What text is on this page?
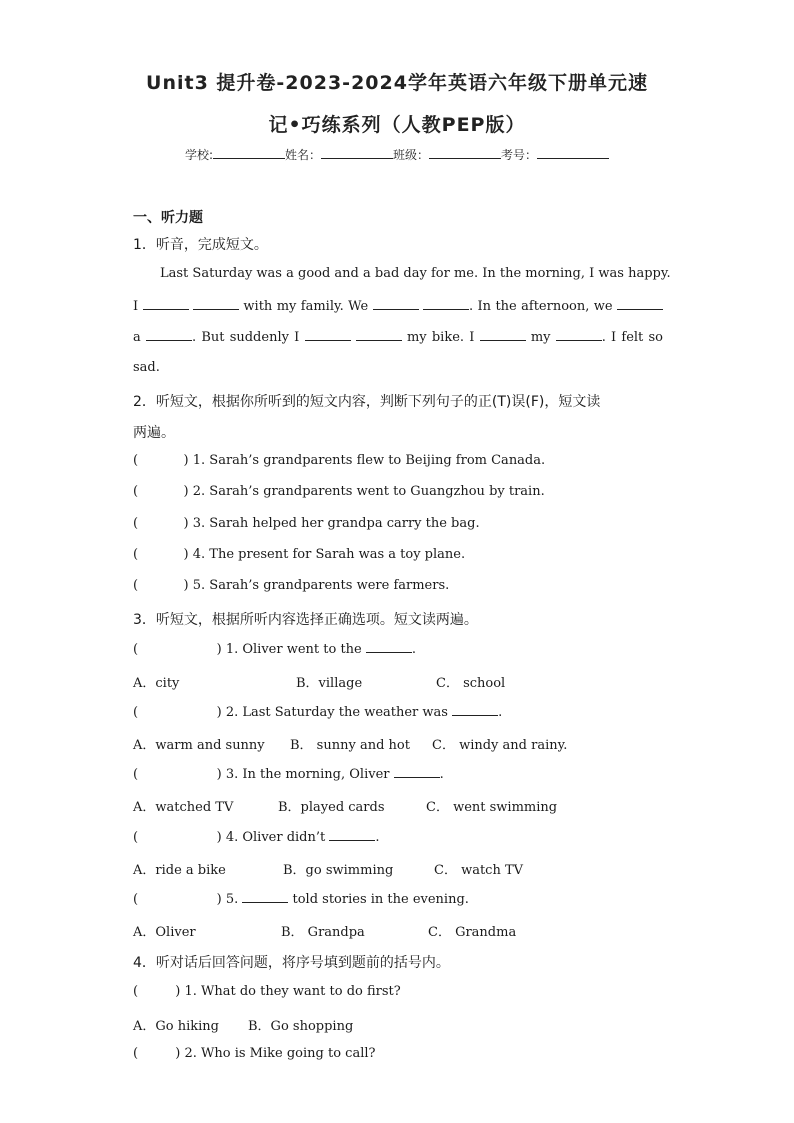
Unit3 提升卷-2023-2024学年英语六年级下册单元速
记•巧练系列（人教PEP版）
学校:	姓名：	班级：	考号：
一、听力题
1．听音，完成短文。
Last Saturday was a good and a bad day for me. In the morning, I was happy.
I	with my family. We	. In the afternoon, we
a	. But suddenly I	my bike. I	my	. I felt so
sad.
2．听短文，根据你所听到的短文内容，判断下列句子的正(T)误(F)，短文读
两遍。
(           ) 1. Sarah’s grandparents flew to Beijing from Canada.
(           ) 2. Sarah’s grandparents went to Guangzhou by train.
(           ) 3. Sarah helped her grandpa carry the bag.
(           ) 4. The present for Sarah was a toy plane.
(           ) 5. Sarah’s grandparents were farmers.
3．听短文，根据所听内容选择正确选项。短文读两遍。
(                   ) 1. Oliver went to the	.
A．city	B．village	C． school
(                   ) 2. Last Saturday the weather was	.
A．warm and sunny B． sunny and hot C． windy and rainy.
(                   ) 3. In the morning, Oliver	.
A．watched TV	B．played cards	C． went swimming
(                   ) 4. Oliver didn’t	.
A．ride a bike	B．go swimming	C． watch TV
(                   ) 5.	told stories in the evening.
A．Oliver	B． Grandpa	C． Grandma
4．听对话后回答问题，将序号填到题前的括号内。
(         ) 1. What do they want to do first?
A．Go hiking B．Go shopping
(         ) 2. Who is Mike going to call?
